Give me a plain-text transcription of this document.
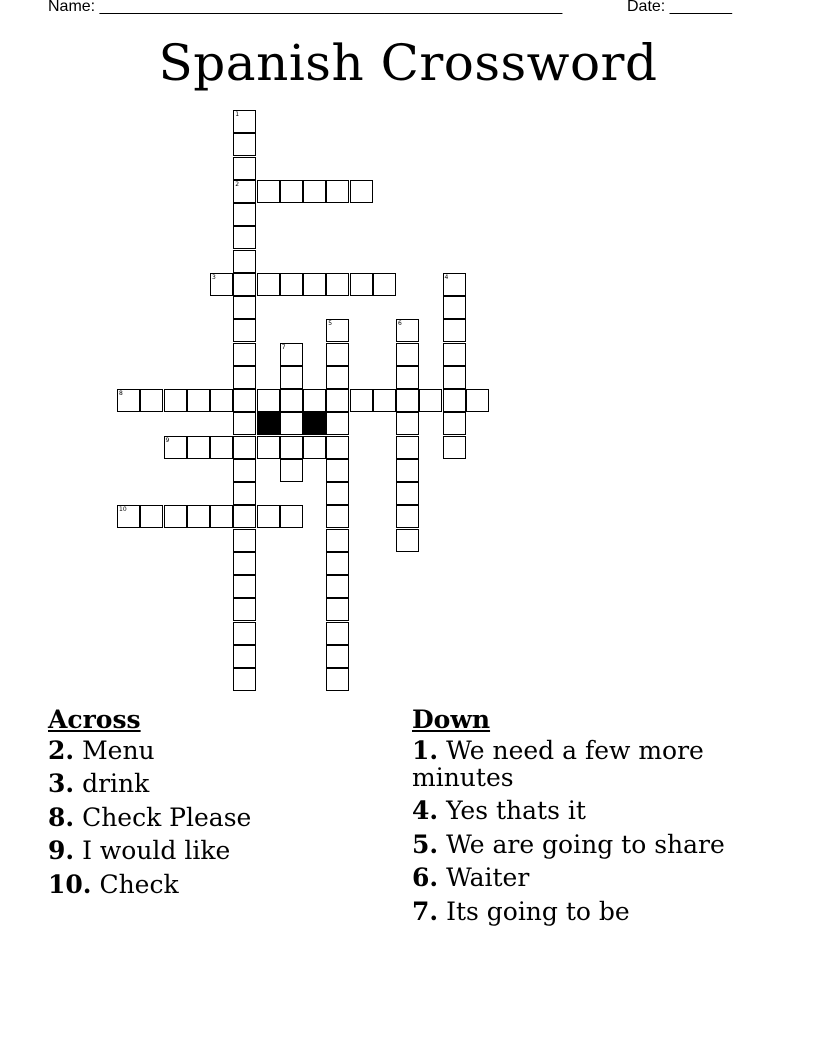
Name: ____________________________________________________	Date: _______
Spanish Crossword
1
2
3	4
5	6
7
8
9
10
Across
2. Menu
3. drink
8. Check Please
9. I would like
10. Check
Down
1. We need a few more minutes
4. Yes thats it
5. We are going to share
6. Waiter
7. Its going to be
